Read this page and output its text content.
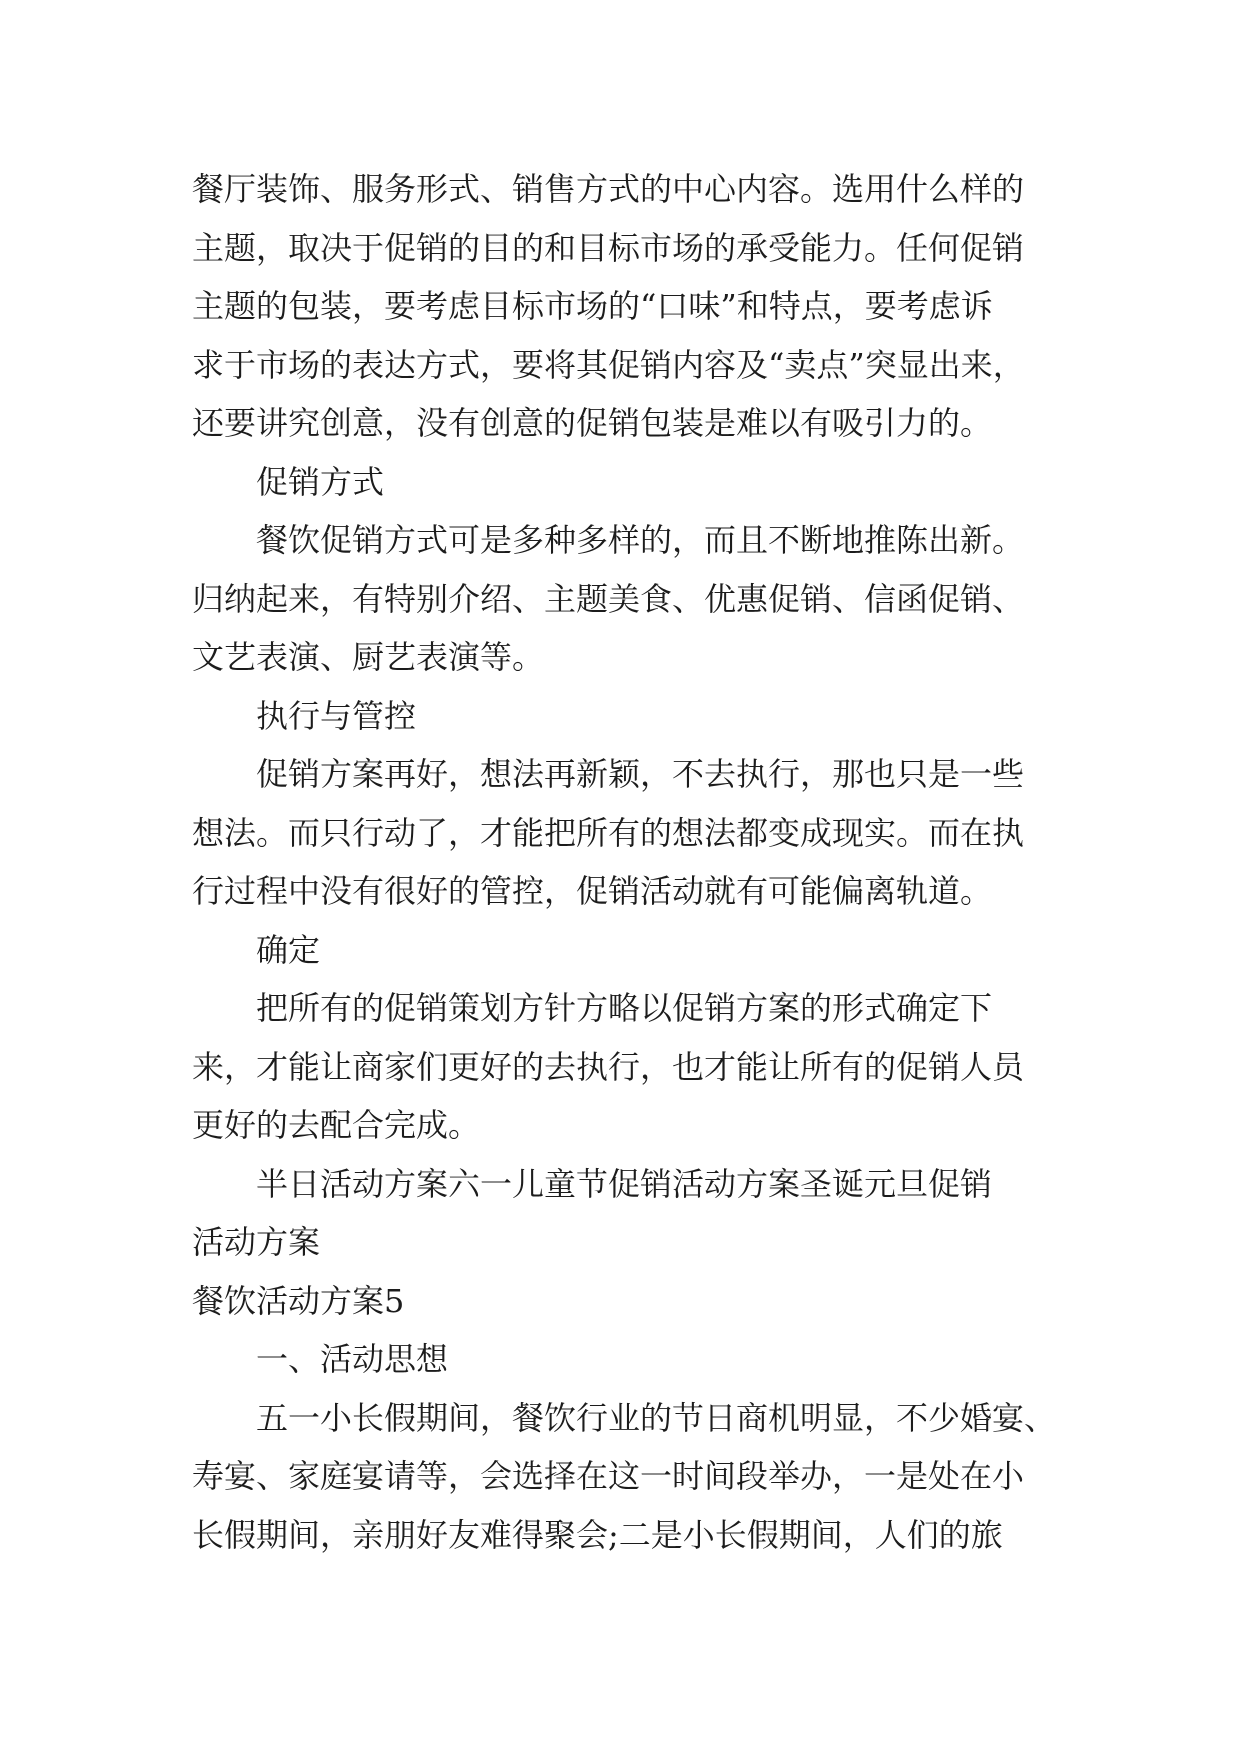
餐厅装饰、服务形式、销售方式的中心内容。选用什么样的

主题，取决于促销的目的和目标市场的承受能力。任何促销

主题的包装，要考虑目标市场的“口味”和特点，要考虑诉

求于市场的表达方式，要将其促销内容及“卖点”突显出来，

还要讲究创意，没有创意的促销包装是难以有吸引力的。

促销方式

餐饮促销方式可是多种多样的，而且不断地推陈出新。

归纳起来，有特别介绍、主题美食、优惠促销、信函促销、

文艺表演、厨艺表演等。

执行与管控

促销方案再好，想法再新颖，不去执行，那也只是一些

想法。而只行动了，才能把所有的想法都变成现实。而在执

行过程中没有很好的管控，促销活动就有可能偏离轨道。

确定

把所有的促销策划方针方略以促销方案的形式确定下

来，才能让商家们更好的去执行，也才能让所有的促销人员

更好的去配合完成。

半日活动方案六一儿童节促销活动方案圣诞元旦促销

活动方案

餐饮活动方案5

一、活动思想

五一小长假期间，餐饮行业的节日商机明显，不少婚宴、

寿宴、家庭宴请等，会选择在这一时间段举办，一是处在小

长假期间，亲朋好友难得聚会;二是小长假期间，人们的旅
